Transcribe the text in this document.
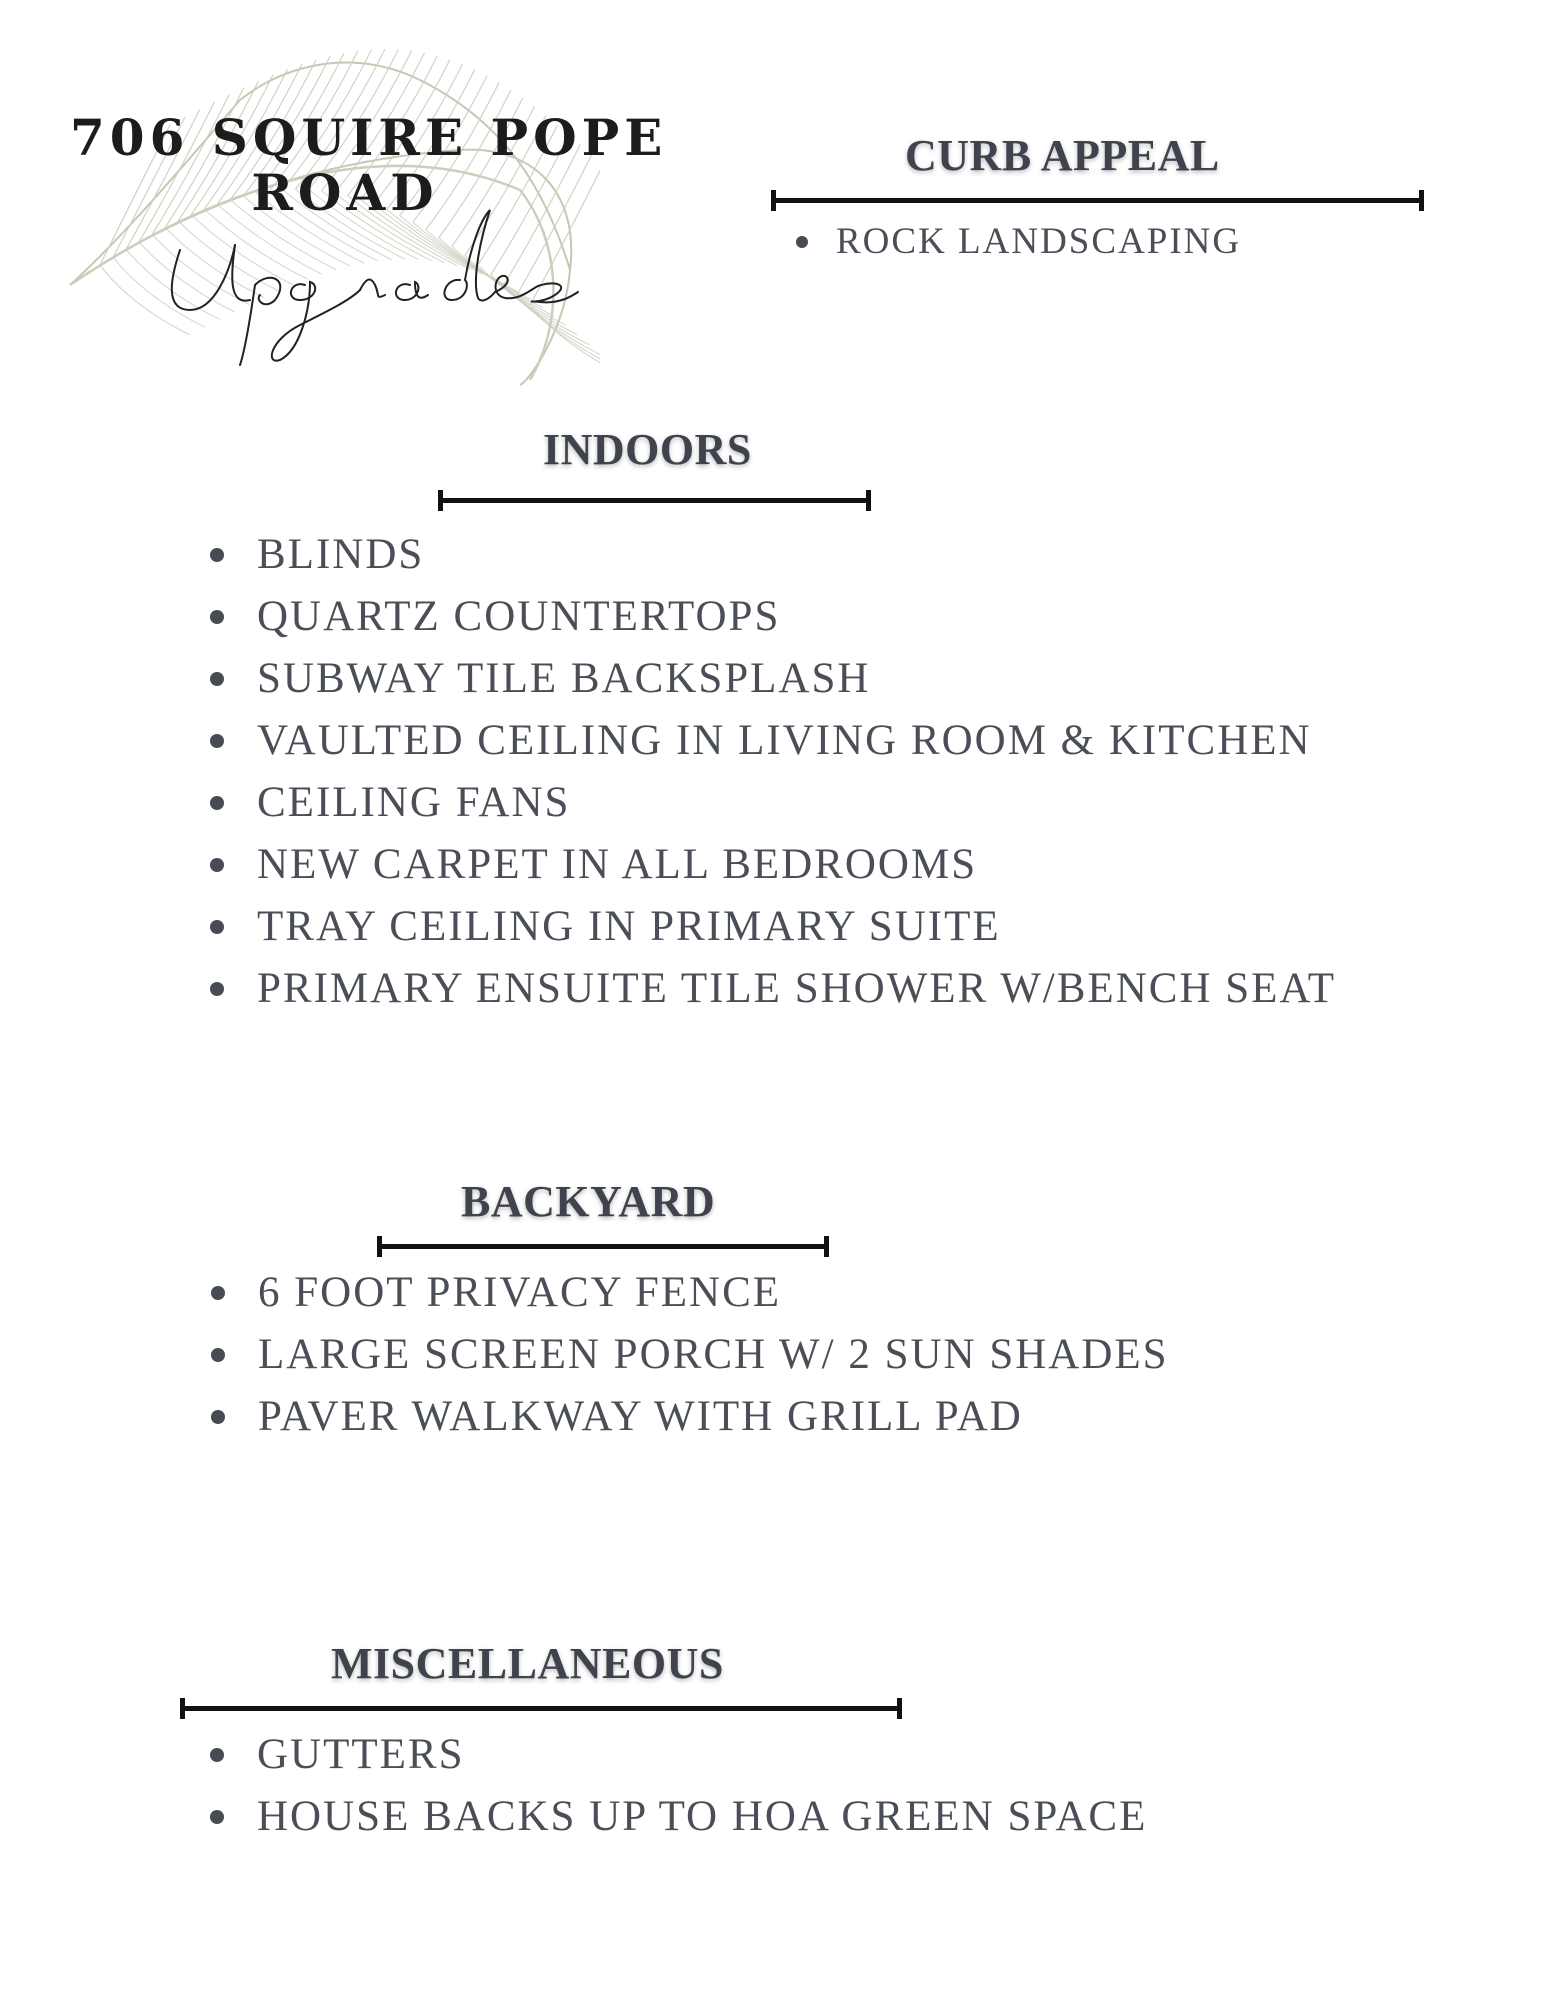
706 SQUIRE POPE
ROAD
CURB APPEAL
ROCK LANDSCAPING
INDOORS
BLINDS
QUARTZ COUNTERTOPS
SUBWAY TILE BACKSPLASH
VAULTED CEILING IN LIVING ROOM & KITCHEN
CEILING FANS
NEW CARPET IN ALL BEDROOMS
TRAY CEILING IN PRIMARY SUITE
PRIMARY ENSUITE TILE SHOWER W/BENCH SEAT
BACKYARD
6 FOOT PRIVACY FENCE
LARGE SCREEN PORCH W/ 2 SUN SHADES
PAVER WALKWAY WITH GRILL PAD
MISCELLANEOUS
GUTTERS
HOUSE BACKS UP TO HOA GREEN SPACE
